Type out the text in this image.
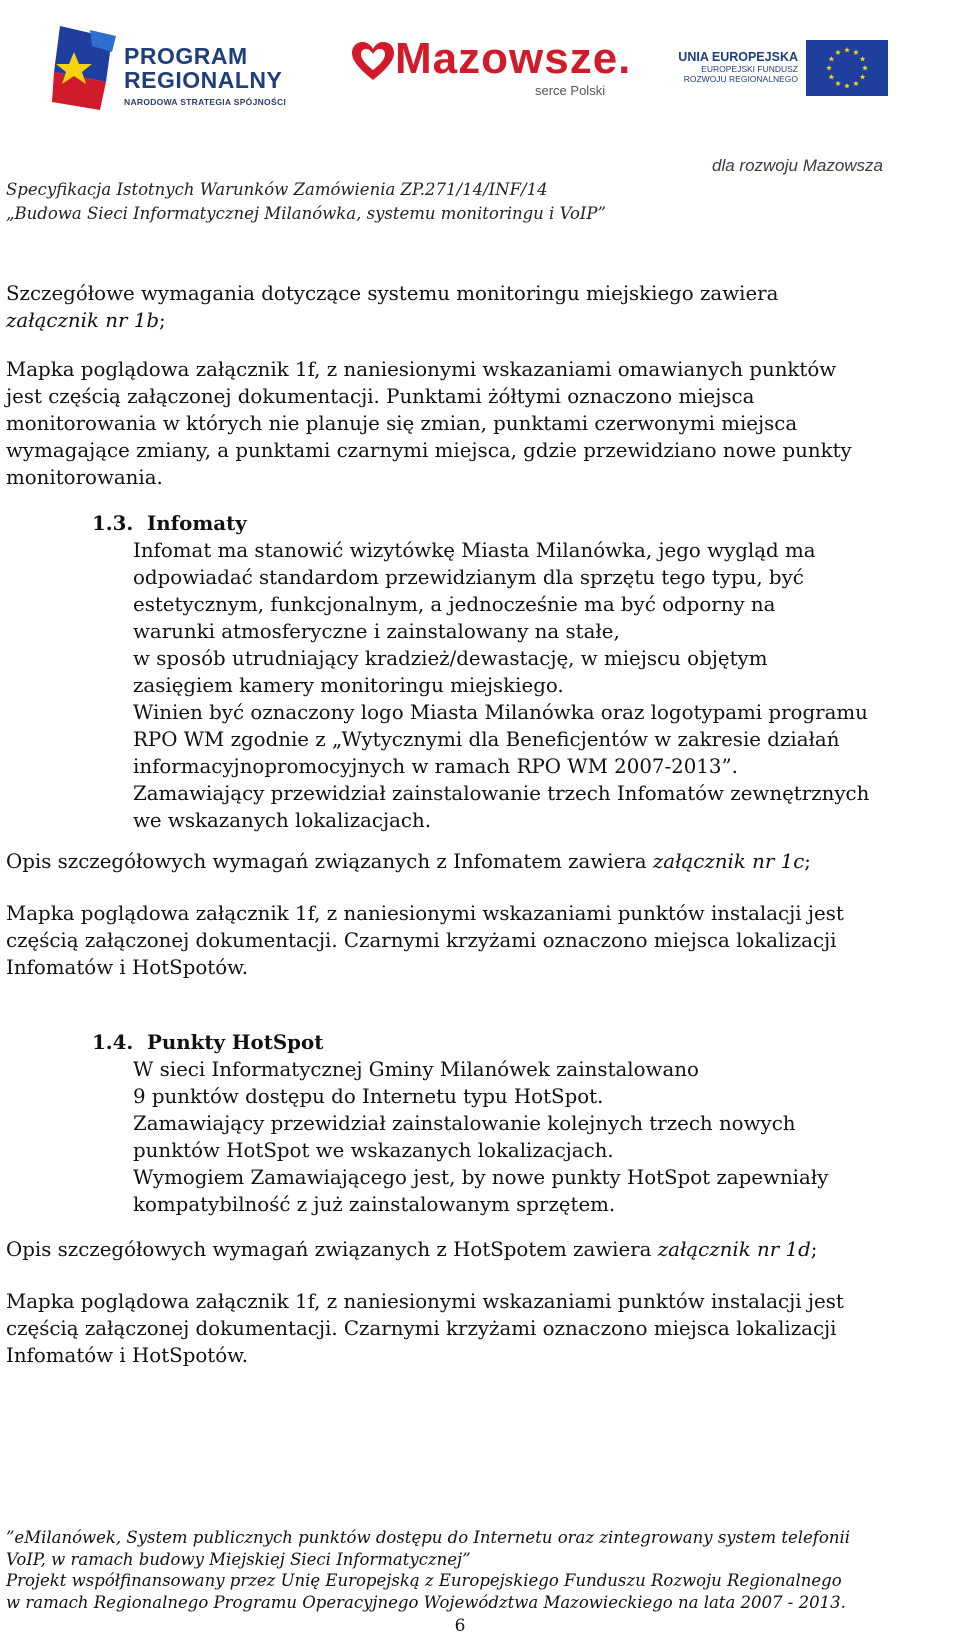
PROGRAM
REGIONALNY
NARODOWA STRATEGIA SPÓJNOŚCI
Mazowsze.
serce Polski
UNIA EUROPEJSKA
EUROPEJSKI FUNDUSZ
ROZWOJU REGIONALNEGO
dla rozwoju Mazowsza
Specyfikacja Istotnych Warunków Zamówienia ZP.271/14/INF/14
„Budowa Sieci Informatycznej Milanówka, systemu monitoringu i VoIP”
Szczegółowe wymagania dotyczące systemu monitoringu miejskiego zawiera
załącznik nr 1b;
Mapka poglądowa załącznik 1f, z naniesionymi wskazaniami omawianych punktów
jest częścią załączonej dokumentacji. Punktami żółtymi oznaczono miejsca
monitorowania w których nie planuje się zmian, punktami czerwonymi miejsca
wymagające zmiany, a punktami czarnymi miejsca, gdzie przewidziano nowe punkty
monitorowania.
1.3. Infomaty
Infomat ma stanowić wizytówkę Miasta Milanówka, jego wygląd ma
odpowiadać standardom przewidzianym dla sprzętu tego typu, być
estetycznym, funkcjonalnym, a jednocześnie ma być odporny na
warunki atmosferyczne i zainstalowany na stałe,
w sposób utrudniający kradzież/dewastację, w miejscu objętym
zasięgiem kamery monitoringu miejskiego.
Winien być oznaczony logo Miasta Milanówka oraz logotypami programu
RPO WM zgodnie z „Wytycznymi dla Beneficjentów w zakresie działań
informacyjnopromocyjnych w ramach RPO WM 2007-2013”.
Zamawiający przewidział zainstalowanie trzech Infomatów zewnętrznych
we wskazanych lokalizacjach.
Opis szczegółowych wymagań związanych z Infomatem zawiera załącznik nr 1c;
Mapka poglądowa załącznik 1f, z naniesionymi wskazaniami punktów instalacji jest
częścią załączonej dokumentacji. Czarnymi krzyżami oznaczono miejsca lokalizacji
Infomatów i HotSpotów.
1.4. Punkty HotSpot
W sieci Informatycznej Gminy Milanówek zainstalowano
9 punktów dostępu do Internetu typu HotSpot.
Zamawiający przewidział zainstalowanie kolejnych trzech nowych
punktów HotSpot we wskazanych lokalizacjach.
Wymogiem Zamawiającego jest, by nowe punkty HotSpot zapewniały
kompatybilność z już zainstalowanym sprzętem.
Opis szczegółowych wymagań związanych z HotSpotem zawiera załącznik nr 1d;
Mapka poglądowa załącznik 1f, z naniesionymi wskazaniami punktów instalacji jest
częścią załączonej dokumentacji. Czarnymi krzyżami oznaczono miejsca lokalizacji
Infomatów i HotSpotów.
”eMilanówek, System publicznych punktów dostępu do Internetu oraz zintegrowany system telefonii
VoIP, w ramach budowy Miejskiej Sieci Informatycznej”
Projekt współfinansowany przez Unię Europejską z Europejskiego Funduszu Rozwoju Regionalnego
w ramach Regionalnego Programu Operacyjnego Województwa Mazowieckiego na lata 2007 - 2013.
6
